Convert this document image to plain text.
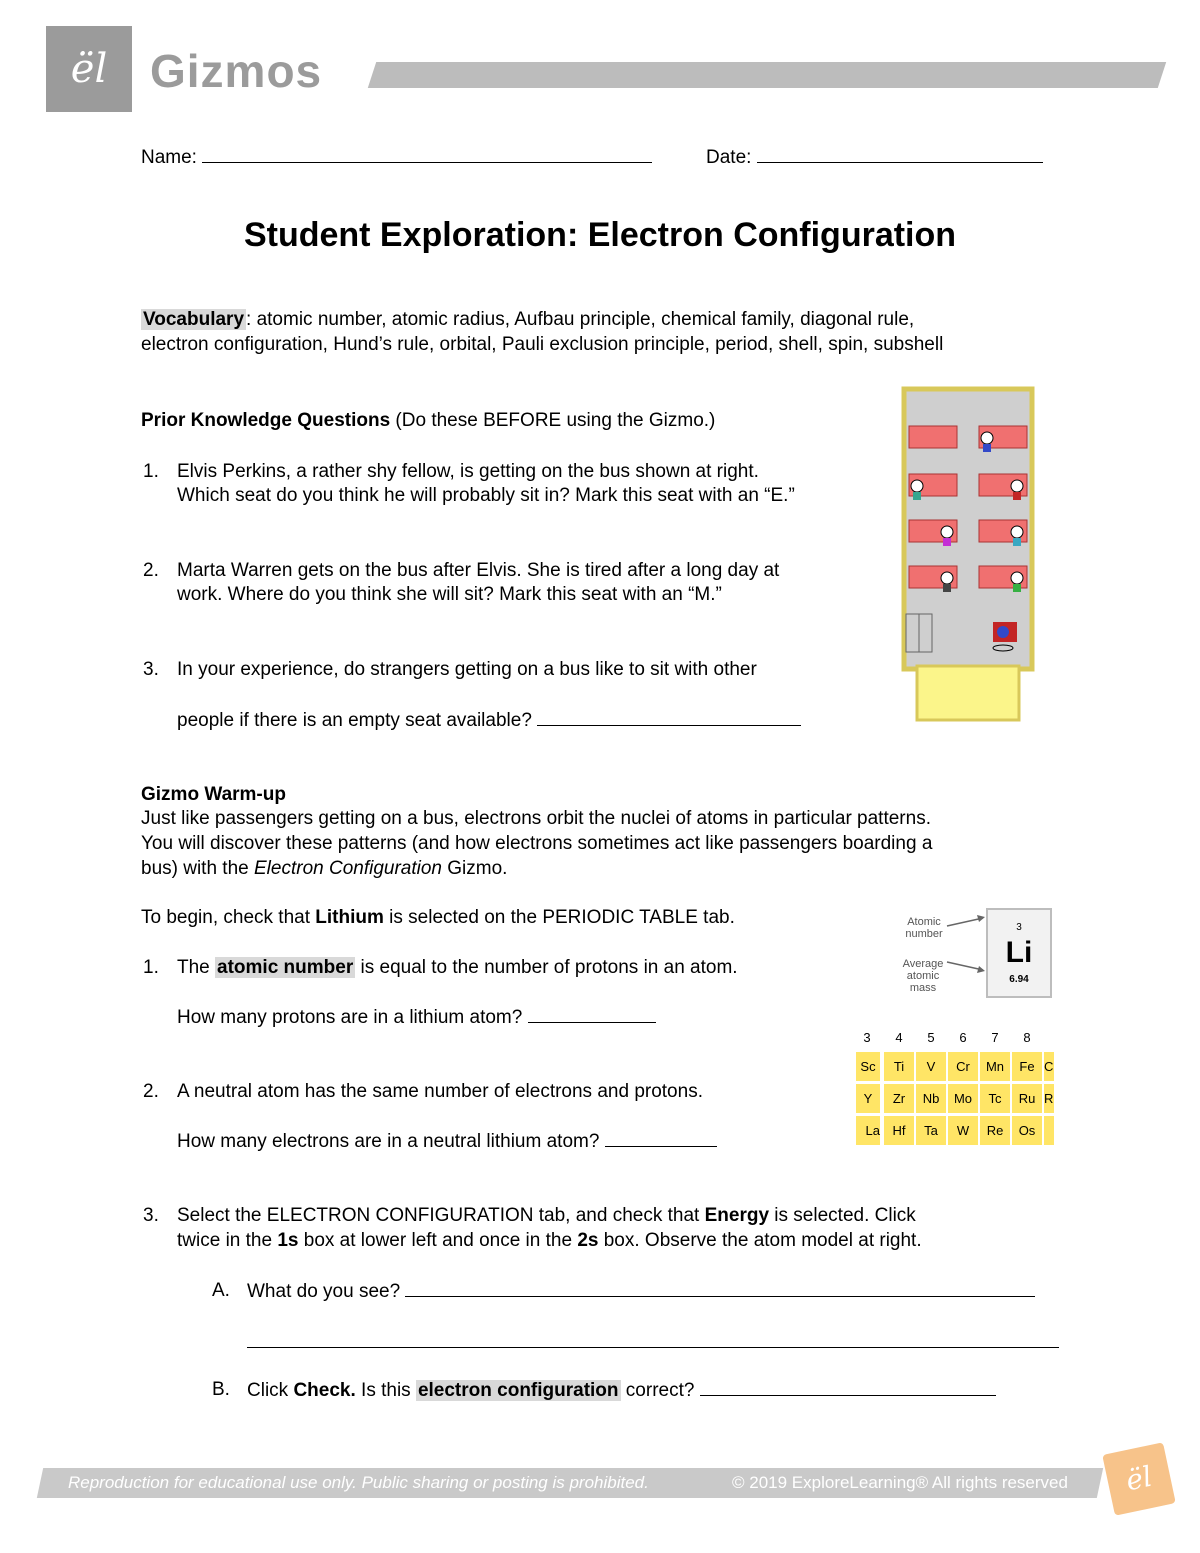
ël Gizmos
Name:	Date:
Student Exploration: Electron Configuration
Vocabulary : atomic number, atomic radius, Aufbau principle, chemical family, diagonal rule,
electron configuration, Hund’s rule, orbital, Pauli exclusion principle, period, shell, spin, subshell
Prior Knowledge Questions (Do these BEFORE using the Gizmo.)
1. Elvis Perkins, a rather shy fellow, is getting on the bus shown at right.
Which seat do you think he will probably sit in? Mark this seat with an “E.”
2. Marta Warren gets on the bus after Elvis. She is tired after a long day at
work. Where do you think she will sit? Mark this seat with an “M.”
3. In your experience, do strangers getting on a bus like to sit with other
people if there is an empty seat available?
Gizmo Warm-up
Just like passengers getting on a bus, electrons orbit the nuclei of atoms in particular patterns.
You will discover these patterns (and how electrons sometimes act like passengers boarding a
bus) with the Electron Configuration Gizmo.
To begin, check that Lithium is selected on the PERIODIC TABLE tab.
1. The atomic number is equal to the number of protons in an atom.
How many protons are in a lithium atom?
2. A neutral atom has the same number of electrons and protons.
How many electrons are in a neutral lithium atom?
3. Select the ELECTRON CONFIGURATION tab, and check that Energy is selected. Click
twice in the 1s box at lower left and once in the 2s box. Observe the atom model at right.
A. What do you see?
B. Click Check. Is this electron configuration correct?
Atomic
number
Average
atomic
mass
3
Li
6.94
3	4	5	6	7	8
Sc	Ti	V	Cr	Mn	Fe C
Y	Zr	Nb	Mo	Tc	Ru R
La Hf	Ta	W	Re	Os
Reproduction for educational use only. Public sharing or posting is prohibited.	© 2019 ExploreLearning® All rights reserved	ël
